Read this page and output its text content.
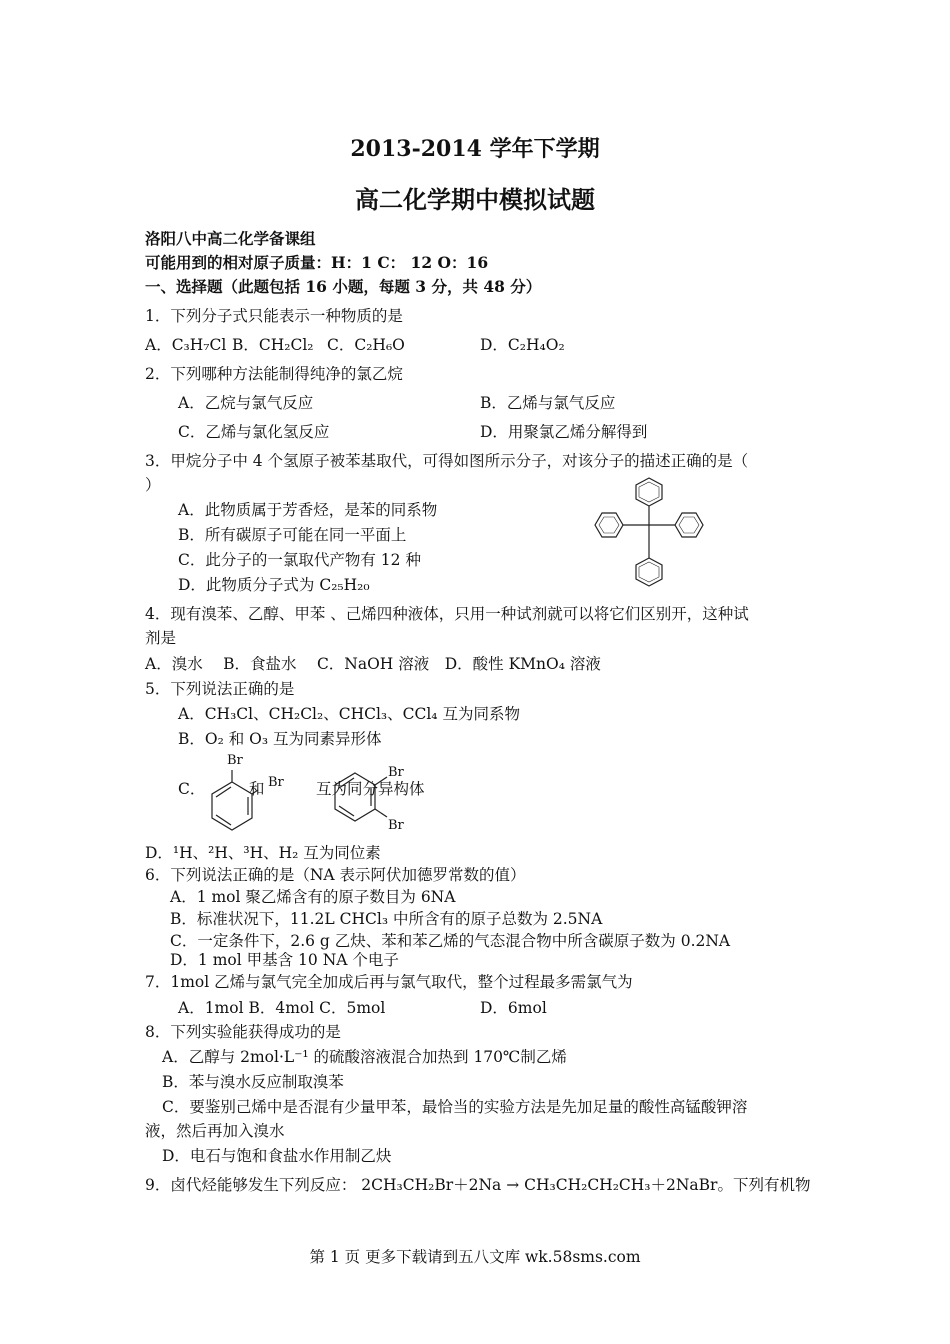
2013-2014 学年下学期
高二化学期中模拟试题
洛阳八中高二化学备课组
可能用到的相对原子质量：H：1 C： 12 O：16
一、选择题（此题包括 16 小题，每题 3 分，共 48 分）
1．下列分子式只能表示一种物质的是
A．C₃H₇Cl B．CH₂Cl₂ C．C₂H₆O	D．C₂H₄O₂
2．下列哪种方法能制得纯净的氯乙烷
A．乙烷与氯气反应	B．乙烯与氯气反应
C．乙烯与氯化氢反应	D．用聚氯乙烯分解得到
3．甲烷分子中 4 个氢原子被苯基取代，可得如图所示分子，对该分子的描述正确的是（
）
A．此物质属于芳香烃，是苯的同系物
B．所有碳原子可能在同一平面上
C．此分子的一氯取代产物有 12 种
D．此物质分子式为 C₂₅H₂₀
4．现有溴苯、乙醇、甲苯 、己烯四种液体，只用一种试剂就可以将它们区别开，这种试
剂是
A．溴水　 B．食盐水　 C．NaOH 溶液　D．酸性 KMnO₄ 溶液
5．下列说法正确的是
A．CH₃Cl、CH₂Cl₂、CHCl₃、CCl₄ 互为同系物
B．O₂ 和 O₃ 互为同素异形体
C．
Br
和 Br 互为同分异构体
Br
Br
D．¹H、²H、³H、H₂ 互为同位素
6．下列说法正确的是（NA 表示阿伏加德罗常数的值）
A．1 mol 聚乙烯含有的原子数目为 6NA
B．标准状况下，11.2L CHCl₃ 中所含有的原子总数为 2.5NA
C．一定条件下，2.6 g 乙炔、苯和苯乙烯的气态混合物中所含碳原子数为 0.2NA
D．1 mol 甲基含 10 NA 个电子
7．1mol 乙烯与氯气完全加成后再与氯气取代，整个过程最多需氯气为
A．1mol B．4mol C．5mol	D．6mol
8．下列实验能获得成功的是
A．乙醇与 2mol·L⁻¹ 的硫酸溶液混合加热到 170℃制乙烯
B．苯与溴水反应制取溴苯
C．要鉴别己烯中是否混有少量甲苯，最恰当的实验方法是先加足量的酸性高锰酸钾溶
液，然后再加入溴水
D．电石与饱和食盐水作用制乙炔
9．卤代烃能够发生下列反应： 2CH₃CH₂Br＋2Na → CH₃CH₂CH₂CH₃＋2NaBr。下列有机物
第 1 页 更多下载请到五八文库 wk.58sms.com
